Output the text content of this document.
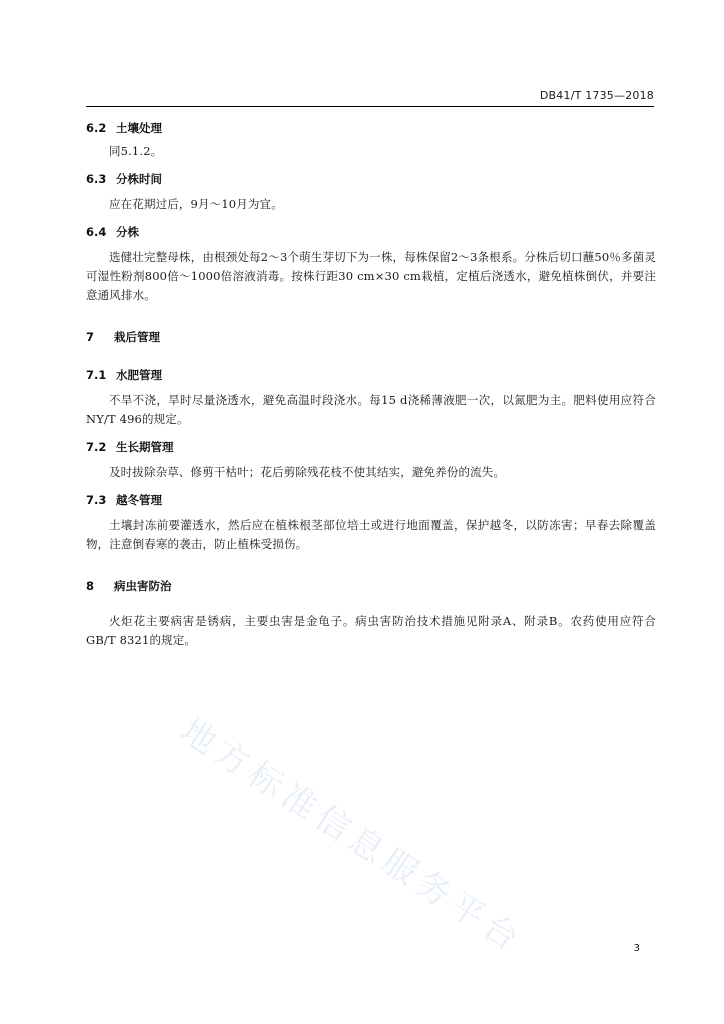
DB41/T 1735—2018
6.2 土壤处理

同5.1.2。

6.3 分株时间

应在花期过后，9月～10月为宜。

6.4 分株

选健壮完整母株，由根颈处每2～3个萌生芽切下为一株，每株保留2～3条根系。分株后切口蘸50％多菌灵可湿性粉剂800倍～1000倍溶液消毒。按株行距30 cm×30 cm栽植，定植后浇透水，避免植株倒伏，并要注意通风排水。

7 栽后管理
7.1 水肥管理

不旱不浇，旱时尽量浇透水，避免高温时段浇水。每15 d浇稀薄液肥一次，以氮肥为主。肥料使用应符合NY/T 496的规定。

7.2 生长期管理

及时拔除杂草、修剪干枯叶；花后剪除残花枝不使其结实，避免养份的流失。

7.3 越冬管理

土壤封冻前要灌透水，然后应在植株根茎部位培土或进行地面覆盖，保护越冬，以防冻害；早春去除覆盖物，注意倒春寒的袭击，防止植株受损伤。

8 病虫害防治

火炬花主要病害是锈病，主要虫害是金龟子。病虫害防治技术措施见附录A、附录B。农药使用应符合GB/T 8321的规定。

地方标准信息服务平台	3
